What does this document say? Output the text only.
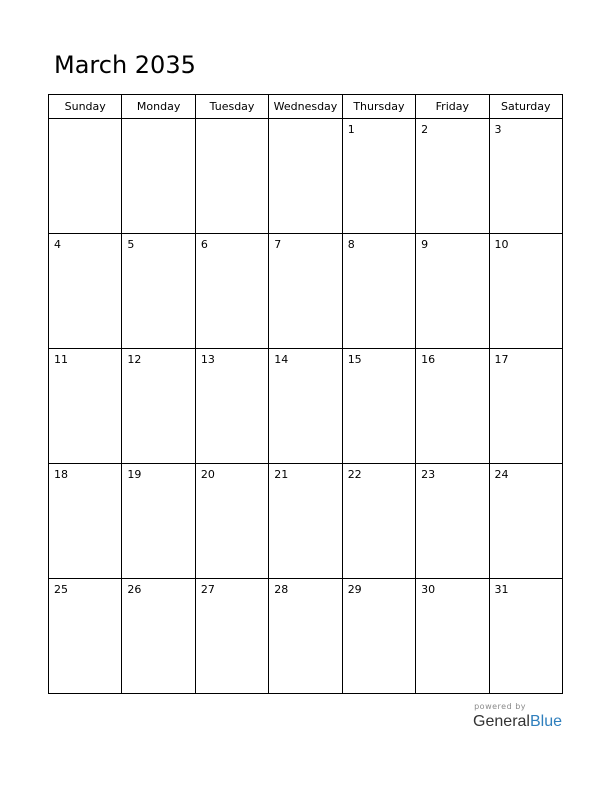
March 2035
Sunday	Monday	Tuesday	Wednesday	Thursday	Friday	Saturday

				1	2	3

4	5	6	7	8	9	10

11	12	13	14	15	16	17

18	19	20	21	22	23	24

25	26	27	28	29	30	31
powered by
GeneralBlue
